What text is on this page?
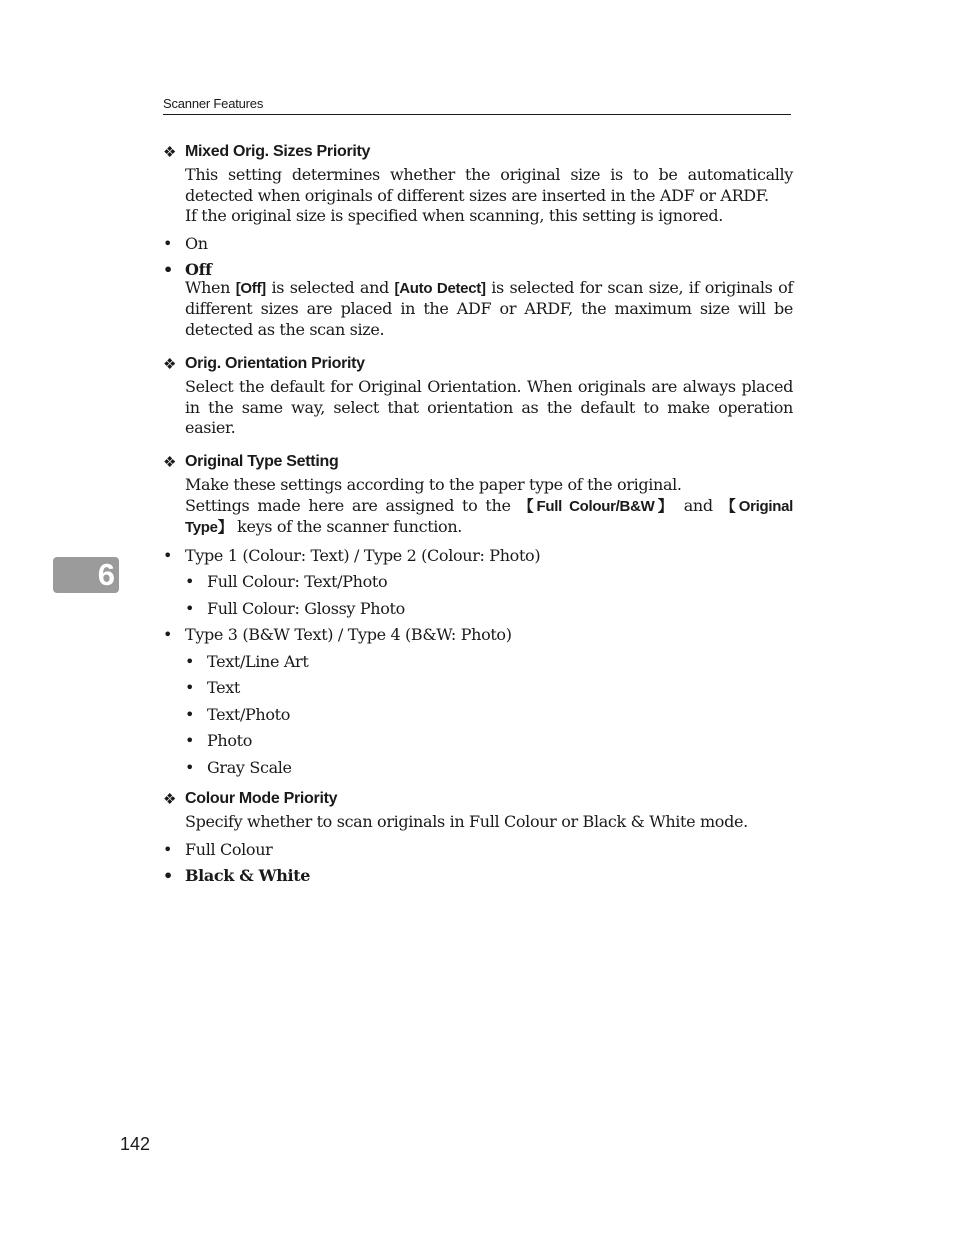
Scanner Features
❖ Mixed Orig. Sizes Priority

This setting determines whether the original size is to be automatically detected when originals of different sizes are inserted in the ADF or ARDF.

If the original size is specified when scanning, this setting is ignored.

• On
• Off

When [Off] is selected and [Auto Detect] is selected for scan size, if originals of different sizes are placed in the ADF or ARDF, the maximum size will be detected as the scan size.

❖ Orig. Orientation Priority

Select the default for Original Orientation. When originals are always placed in the same way, select that orientation as the default to make operation easier.

❖ Original Type Setting

Make these settings according to the paper type of the original.

Settings made here are assigned to the 【Full Colour/B&W】 and 【Original Type】 keys of the scanner function.

• Type 1 (Colour: Text) / Type 2 (Colour: Photo)
• Full Colour: Text/Photo
• Full Colour: Glossy Photo
• Type 3 (B&W Text) / Type 4 (B&W: Photo)
• Text/Line Art
• Text
• Text/Photo
• Photo
• Gray Scale
❖ Colour Mode Priority

Specify whether to scan originals in Full Colour or Black & White mode.

• Full Colour
• Black & White
6
142
